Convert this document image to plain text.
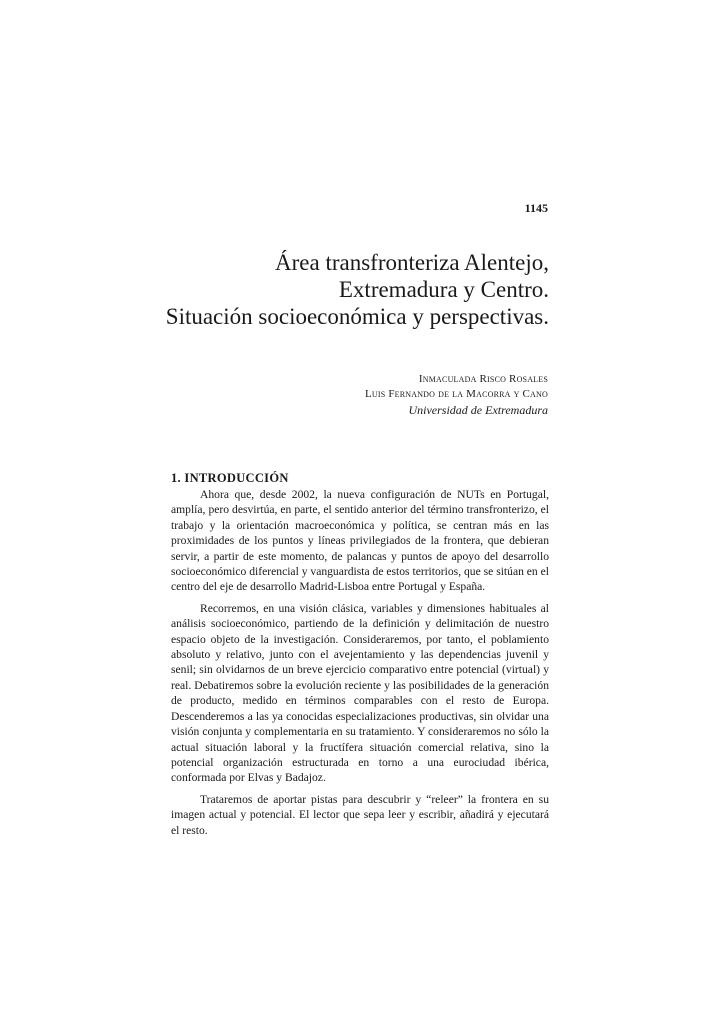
1145
Área transfronteriza Alentejo,
Extremadura y Centro.
Situación socioeconómica y perspectivas.
Inmaculada Risco Rosales
Luis Fernando de la Macorra y Cano
Universidad de Extremadura
1. INTRODUCCIÓN

Ahora que, desde 2002, la nueva configuración de NUTs en Portugal, amplía, pero desvirtúa, en parte, el sentido anterior del término transfronterizo, el trabajo y la orientación macroeconómica y política, se centran más en las proximidades de los puntos y líneas privilegiados de la frontera, que debieran servir, a partir de este momento, de palancas y puntos de apoyo del desarrollo socioeconómico diferencial y vanguardista de estos territorios, que se sitúan en el centro del eje de desarrollo Madrid-Lisboa entre Portugal y España.

Recorremos, en una visión clásica, variables y dimensiones habituales al análisis socioeconómico, partiendo de la definición y delimitación de nuestro espacio objeto de la investigación. Consideraremos, por tanto, el poblamiento absoluto y relativo, junto con el avejentamiento y las dependencias juvenil y senil; sin olvidarnos de un breve ejercicio comparativo entre potencial (virtual) y real. Debatiremos sobre la evolución reciente y las posibilidades de la generación de producto, medido en términos comparables con el resto de Europa. Descenderemos a las ya conocidas especializaciones productivas, sin olvidar una visión conjunta y complementaria en su tratamiento. Y consideraremos no sólo la actual situación laboral y la fructífera situación comercial relativa, sino la potencial organización estructurada en torno a una eurociudad ibérica, conformada por Elvas y Badajoz.

Trataremos de aportar pistas para descubrir y “releer” la frontera en su imagen actual y potencial. El lector que sepa leer y escribir, añadirá y ejecutará el resto.
